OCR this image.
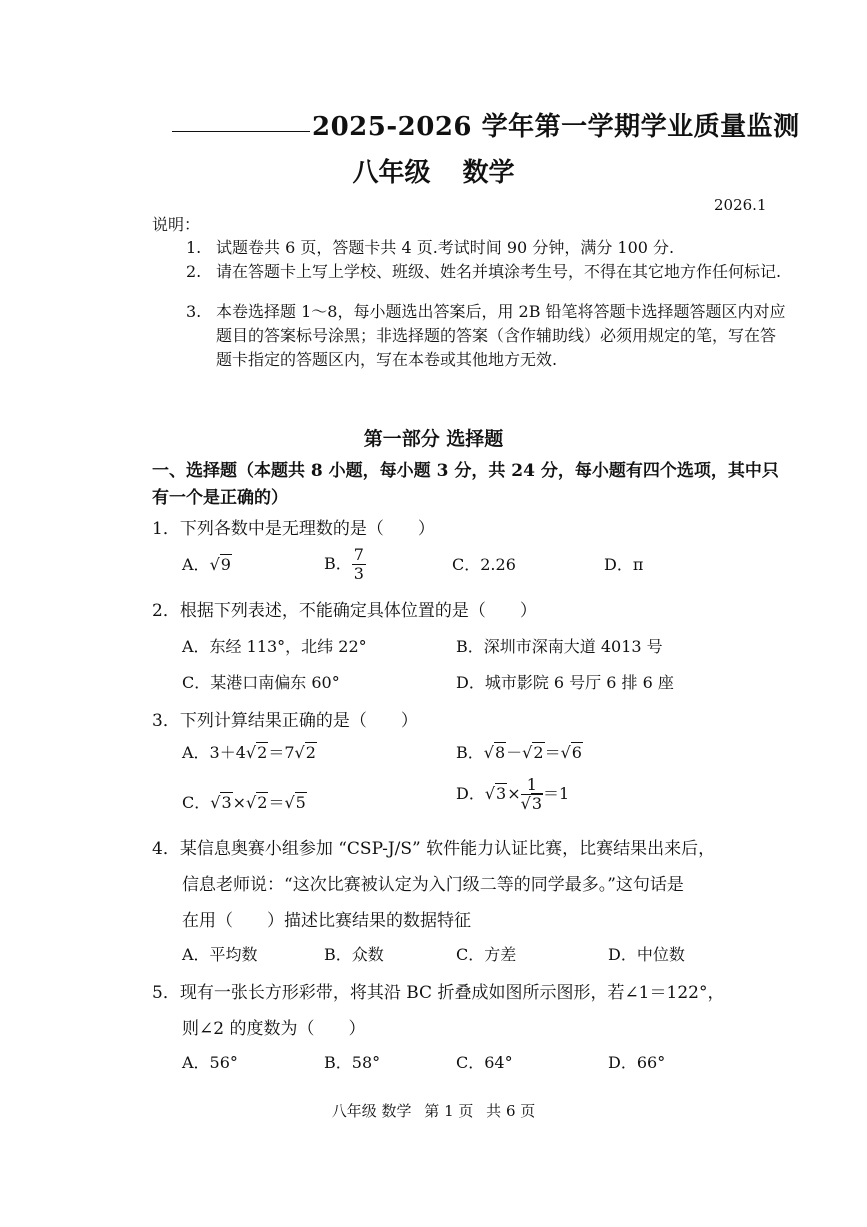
2025-2026 学年第一学期学业质量监测
八年级 数学
2026.1
说明：
1. 试题卷共 6 页，答题卡共 4 页.考试时间 90 分钟，满分 100 分.
2. 请在答题卡上写上学校、班级、姓名并填涂考生号，不得在其它地方作任何标记.
3. 本卷选择题 1～8，每小题选出答案后，用 2B 铅笔将答题卡选择题答题区内对应题目的答案标号涂黑；非选择题的答案（含作辅助线）必须用规定的笔，写在答题卡指定的答题区内，写在本卷或其他地方无效.
第一部分 选择题
一、选择题（本题共 8 小题，每小题 3 分，共 24 分，每小题有四个选项，其中只有一个是正确的）
1．下列各数中是无理数的是（　　）
A．√9	B． $\frac{7}{3}$	C．2.26	D．π
2．根据下列表述，不能确定具体位置的是（　　）
A．东经 113°，北纬 22°	B．深圳市深南大道 4013 号
C．某港口南偏东 60°	D．城市影院 6 号厅 6 排 6 座
3．下列计算结果正确的是（　　）
A．3＋4√2＝7√2	B．√8－√2＝√6
C．√3×√2＝√5	D．$√3\times \frac{1}{√3} =1$
4．某信息奥赛小组参加 “CSP-J/S” 软件能力认证比赛，比赛结果出来后，
信息老师说：“这次比赛被认定为入门级二等的同学最多。”这句话是
在用（　　）描述比赛结果的数据特征
A．平均数	B．众数	C．方差	D．中位数
5．现有一张长方形彩带，将其沿 BC 折叠成如图所示图形，若∠1＝122°，
则∠2 的度数为（　　）
A．56°	B．58°	C．64°	D．66°
八年级 数学 第 1 页 共 6 页
